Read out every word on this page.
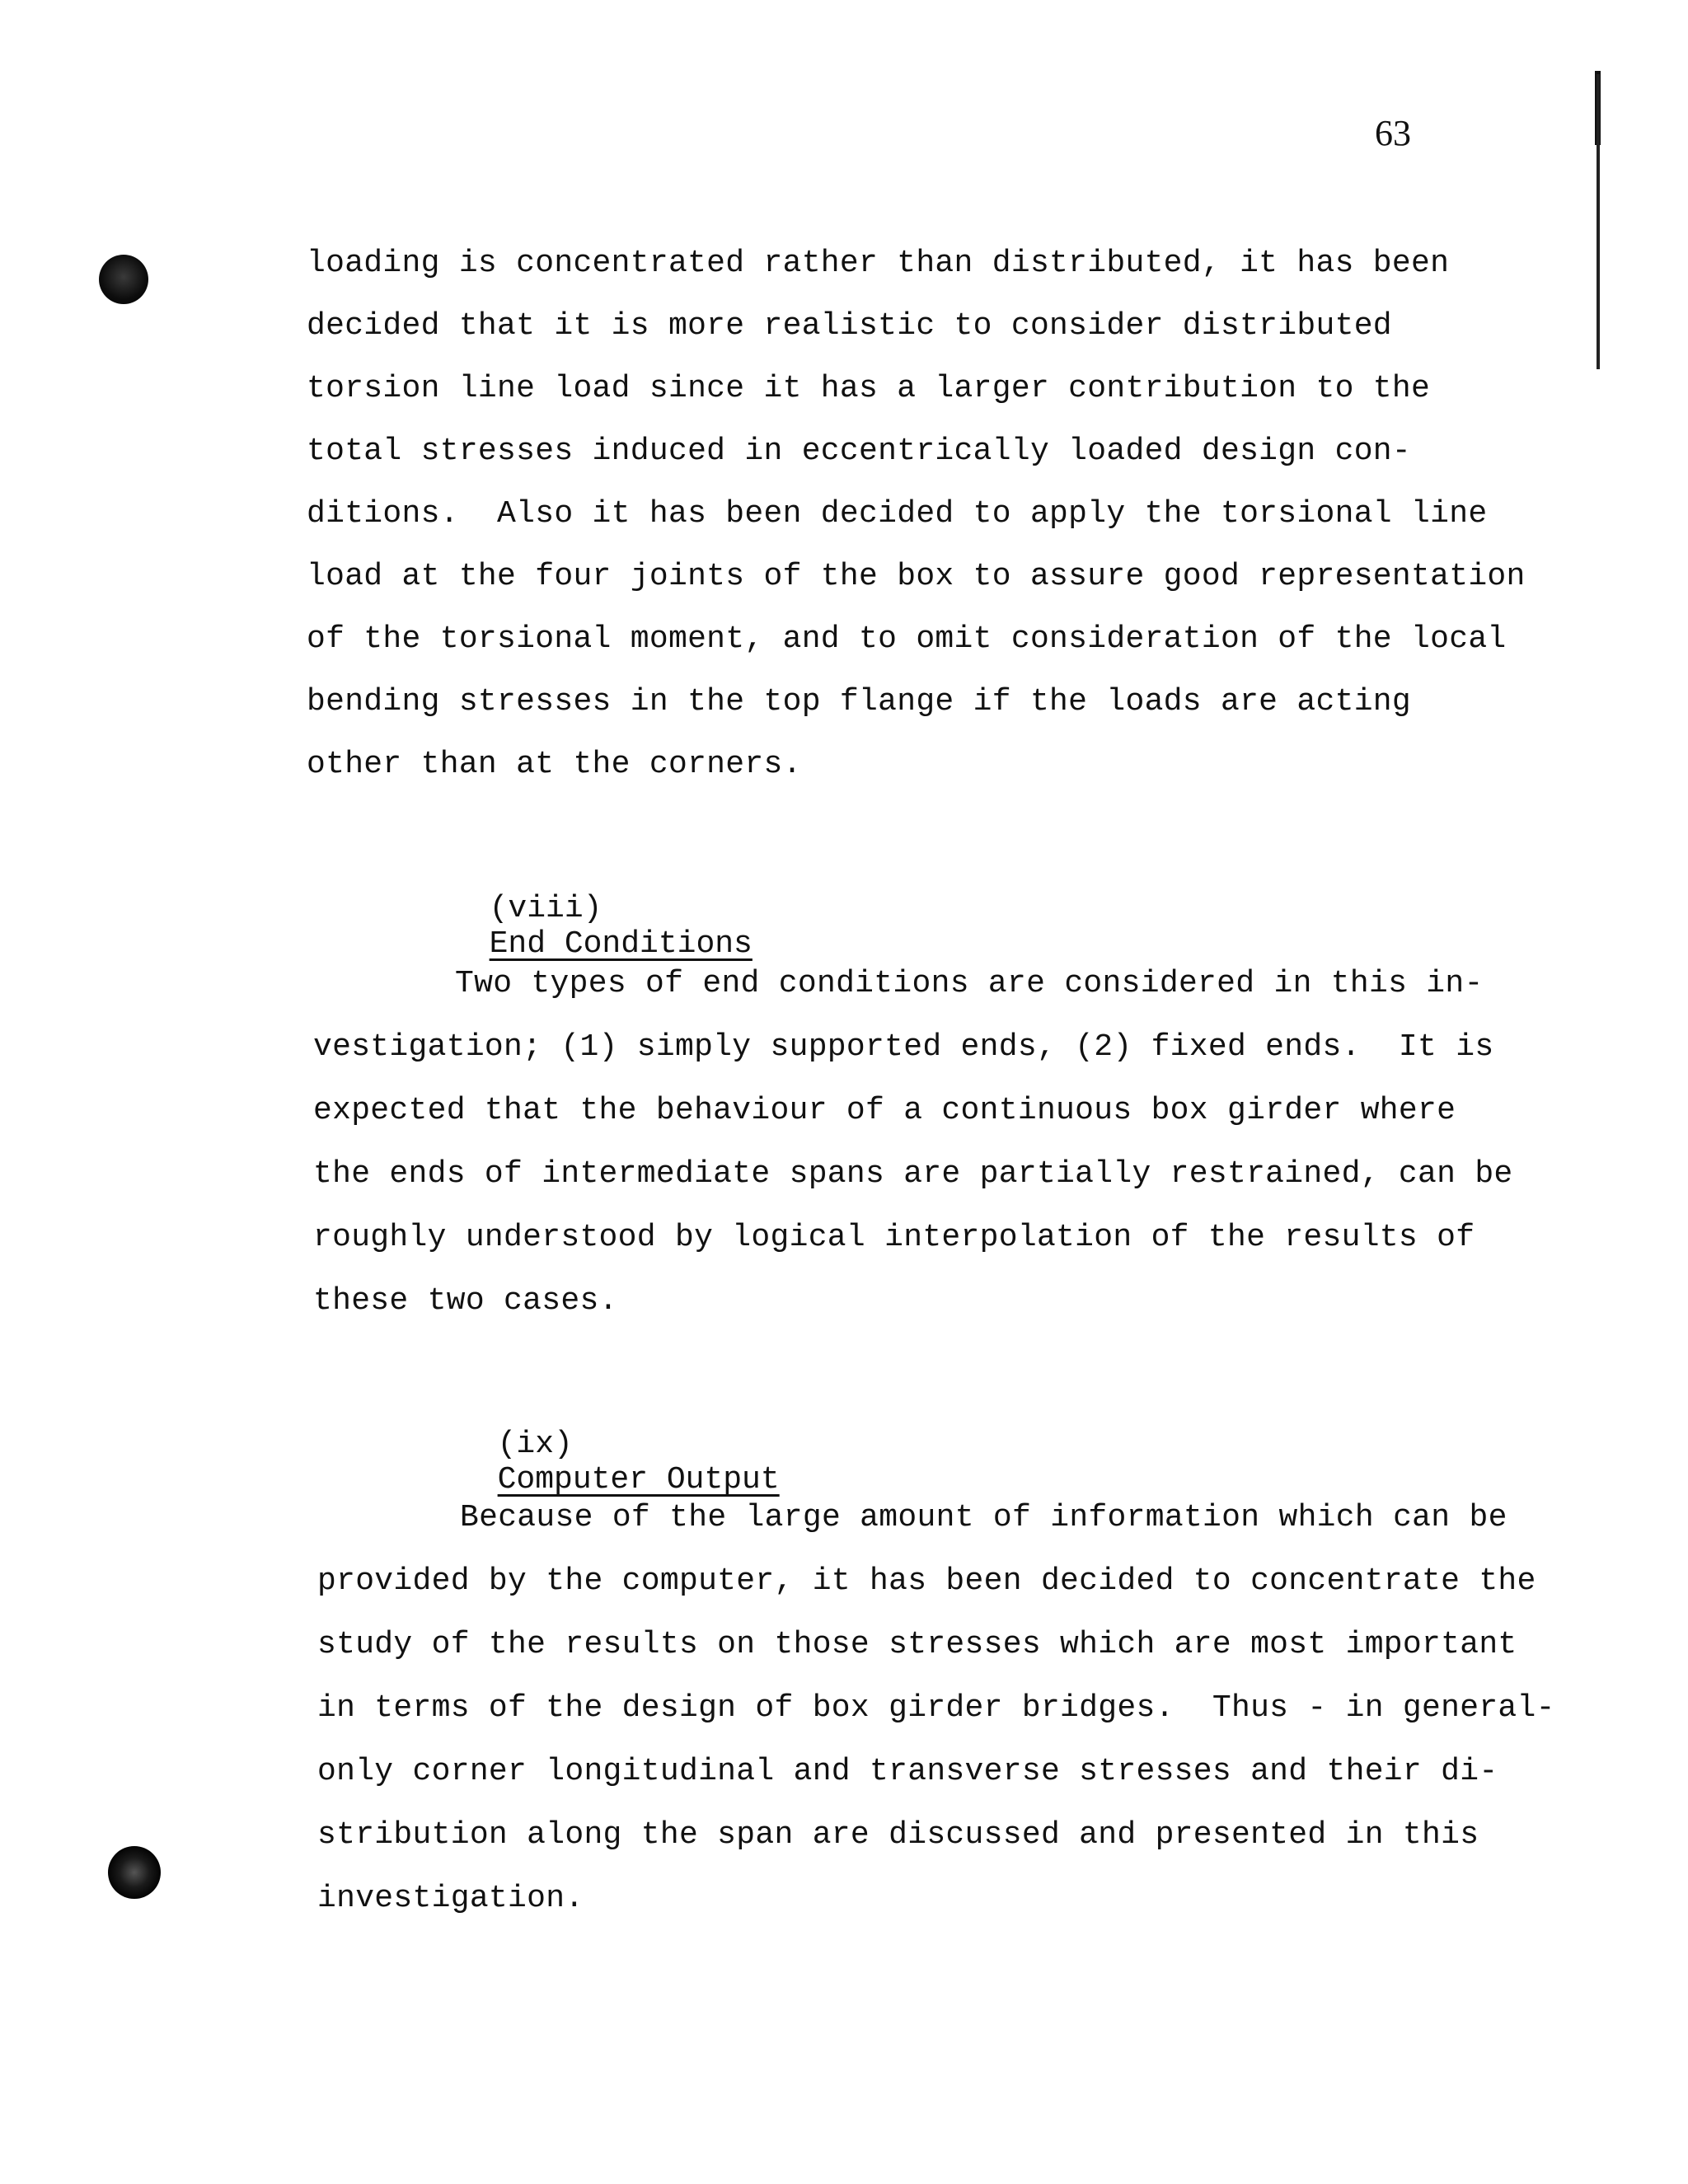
63
loading is concentrated rather than distributed, it has been
decided that it is more realistic to consider distributed
torsion line load since it has a larger contribution to the
total stresses induced in eccentrically loaded design con-
ditions.  Also it has been decided to apply the torsional line
load at the four joints of the box to assure good representation
of the torsional moment, and to omit consideration of the local
bending stresses in the top flange if the loads are acting
other than at the corners.

(viii)
End Conditions

Two types of end conditions are considered in this in-
vestigation; (1) simply supported ends, (2) fixed ends.  It is
expected that the behaviour of a continuous box girder where
the ends of intermediate spans are partially restrained, can be
roughly understood by logical interpolation of the results of
these two cases.

(ix)
Computer Output

Because of the large amount of information which can be
provided by the computer, it has been decided to concentrate the
study of the results on those stresses which are most important
in terms of the design of box girder bridges.  Thus - in general-
only corner longitudinal and transverse stresses and their di-
stribution along the span are discussed and presented in this
investigation.
